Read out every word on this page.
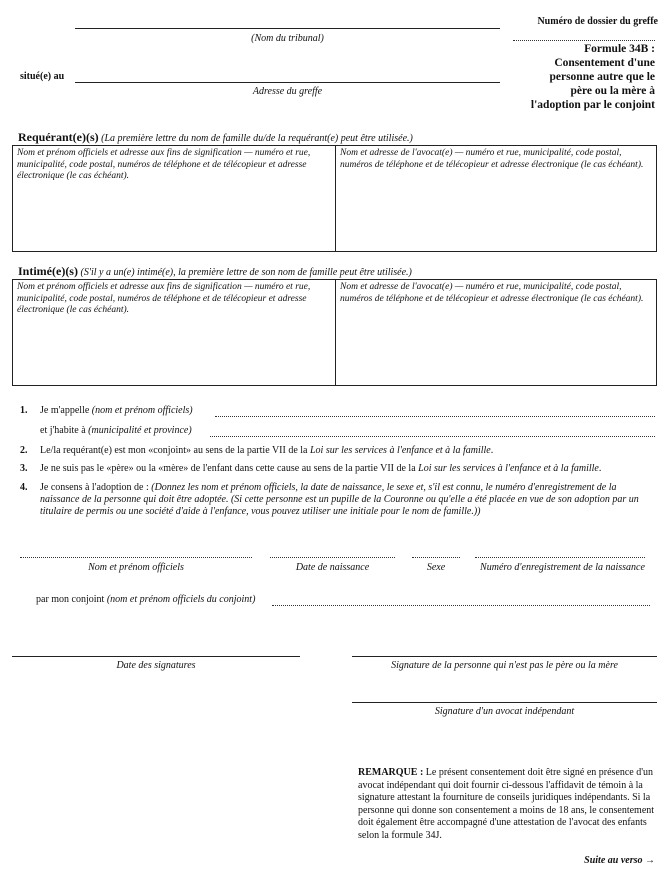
(Nom du tribunal)
situé(e) au
Adresse du greffe
Numéro de dossier du greffe
Formule 34B :
Consentement d'une
personne autre que le
père ou la mère à
l'adoption par le conjoint
Requérant(e)(s) (La première lettre du nom de famille du/de la requérant(e) peut être utilisée.)
Nom et prénom officiels et adresse aux fins de signification — numéro et rue, municipalité, code postal, numéros de téléphone et de télécopieur et adresse électronique (le cas échéant).
Nom et adresse de l'avocat(e) — numéro et rue, municipalité, code postal, numéros de téléphone et de télécopieur et adresse électronique (le cas échéant).
Intimé(e)(s) (S'il y a un(e) intimé(e), la première lettre de son nom de famille peut être utilisée.)
Nom et prénom officiels et adresse aux fins de signification — numéro et rue, municipalité, code postal, numéros de téléphone et de télécopieur et adresse électronique (le cas échéant).
Nom et adresse de l'avocat(e) — numéro et rue, municipalité, code postal, numéros de téléphone et de télécopieur et adresse électronique (le cas échéant).
1. Je m'appelle (nom et prénom officiels)
et j'habite à (municipalité et province)
2. Le/la requérant(e) est mon «conjoint» au sens de la partie VII de la Loi sur les services à l'enfance et à la famille.
3. Je ne suis pas le «père» ou la «mère» de l'enfant dans cette cause au sens de la partie VII de la Loi sur les services à l'enfance et à la famille.
4. Je consens à l'adoption de : (Donnez les nom et prénom officiels, la date de naissance, le sexe et, s'il est connu, le numéro d'enregistrement de la naissance de la personne qui doit être adoptée. (Si cette personne est un pupille de la Couronne ou qu'elle a été placée en vue de son adoption par un titulaire de permis ou une société d'aide à l'enfance, vous pouvez utiliser une initiale pour le nom de famille.))
Nom et prénom officiels	Date de naissance	Sexe	Numéro d'enregistrement de la naissance
par mon conjoint (nom et prénom officiels du conjoint)
Date des signatures	Signature de la personne qui n'est pas le père ou la mère
Signature d'un avocat indépendant
REMARQUE : Le présent consentement doit être signé en présence d'un avocat indépendant qui doit fournir ci-dessous l'affidavit de témoin à la signature attestant la fourniture de conseils juridiques indépendants. Si la personne qui donne son consentement a moins de 18 ans, le consentement doit également être accompagné d'une attestation de l'avocat des enfants selon la formule 34J.
Suite au verso →
